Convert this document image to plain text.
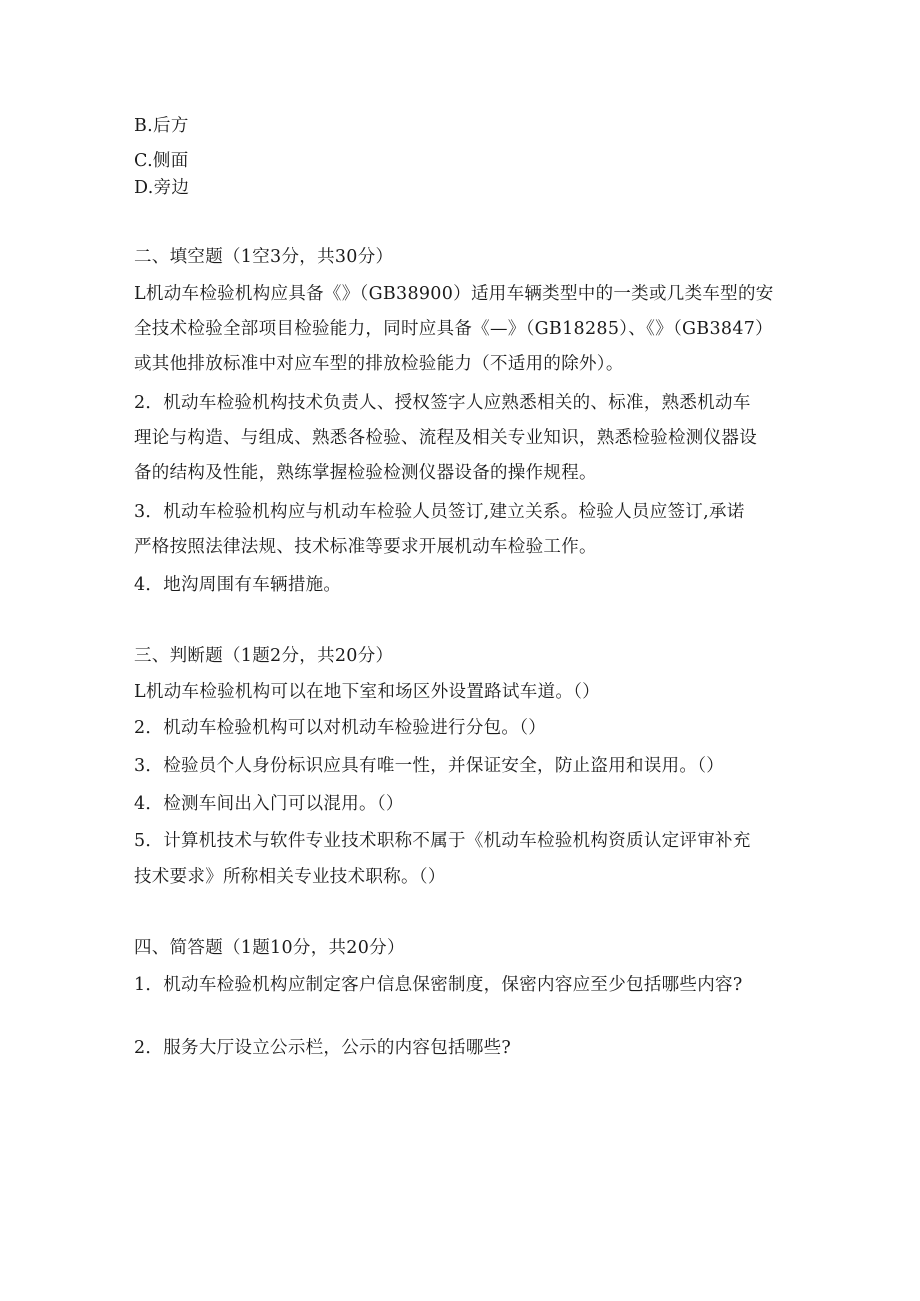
B.后方
C.侧面
D.旁边
二、填空题（1空3分，共30分）
L机动车检验机构应具备《》（GB38900）适用车辆类型中的一类或几类车型的安
全技术检验全部项目检验能力，同时应具备《—》（GB18285）、《》（GB3847）
或其他排放标准中对应车型的排放检验能力（不适用的除外）。
2．机动车检验机构技术负责人、授权签字人应熟悉相关的、标准，熟悉机动车
理论与构造、与组成、熟悉各检验、流程及相关专业知识，熟悉检验检测仪器设
备的结构及性能，熟练掌握检验检测仪器设备的操作规程。
3．机动车检验机构应与机动车检验人员签订,建立关系。检验人员应签订,承诺
严格按照法律法规、技术标准等要求开展机动车检验工作。
4．地沟周围有车辆措施。
三、判断题（1题2分，共20分）
L机动车检验机构可以在地下室和场区外设置路试车道。（）
2．机动车检验机构可以对机动车检验进行分包。（）
3．检验员个人身份标识应具有唯一性，并保证安全，防止盗用和误用。（）
4．检测车间出入门可以混用。（）
5．计算机技术与软件专业技术职称不属于《机动车检验机构资质认定评审补充
技术要求》所称相关专业技术职称。（）
四、简答题（1题10分，共20分）
1．机动车检验机构应制定客户信息保密制度，保密内容应至少包括哪些内容?
2．服务大厅设立公示栏，公示的内容包括哪些?
